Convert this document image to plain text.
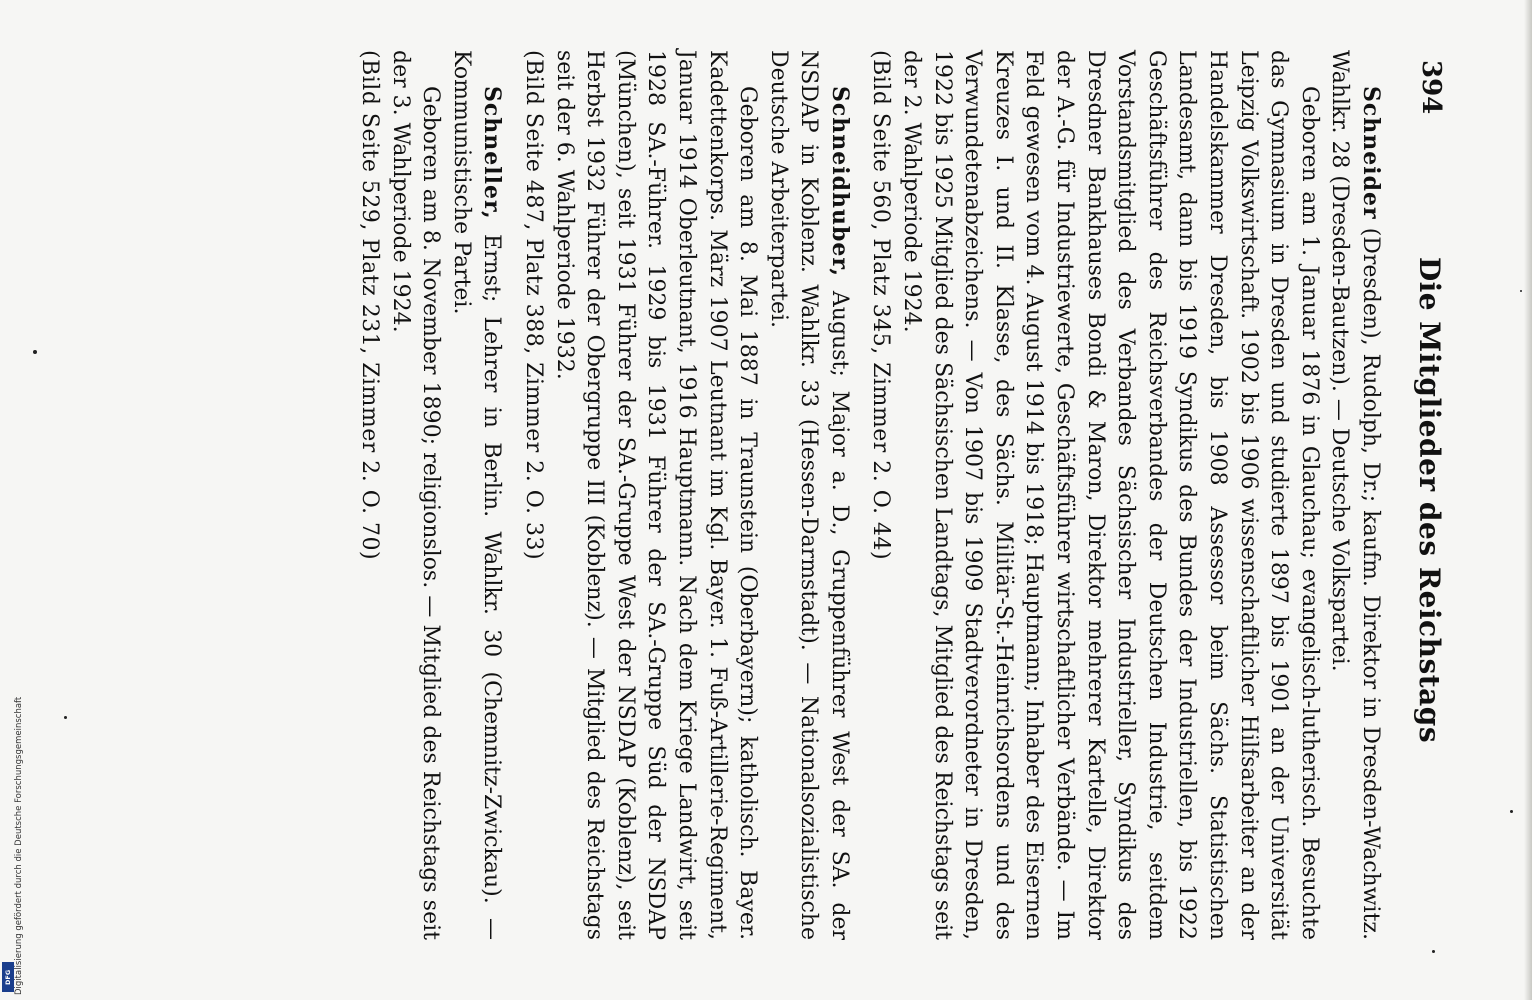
394
Die Mitglieder des Reichstags

Schneider (Dresden), Rudolph, Dr.; kaufm. Direktor in Dresden-Wachwitz. Wahlkr. 28 (Dresden-Bautzen). — Deutsche Volkspartei.

Geboren am 1. Januar 1876 in Glauchau; evangelisch-lutherisch. Besuchte das Gymnasium in Dresden und studierte 1897 bis 1901 an der Universität Leipzig Volkswirtschaft. 1902 bis 1906 wissenschaftlicher Hilfsarbeiter an der Handelskammer Dresden, bis 1908 Assessor beim Sächs. Statistischen Landesamt, dann bis 1919 Syndikus des Bundes der Industriellen, bis 1922 Geschäftsführer des Reichsverbandes der Deutschen Industrie, seitdem Vorstandsmitglied des Verbandes Sächsischer Industrieller, Syndikus des Dresdner Bankhauses Bondi & Maron, Direktor mehrerer Kartelle, Direktor der A.-G. für Industriewerte, Geschäftsführer wirtschaftlicher Verbände. — Im Feld gewesen vom 4. August 1914 bis 1918; Hauptmann; Inhaber des Eisernen Kreuzes I. und II. Klasse, des Sächs. Militär-St.-Heinrichsordens und des Verwundetenabzeichens. — Von 1907 bis 1909 Stadtverordneter in Dresden, 1922 bis 1925 Mitglied des Sächsischen Landtags, Mitglied des Reichstags seit der 2. Wahlperiode 1924.

(Bild Seite 560, Platz 345, Zimmer 2. O. 44)

Schneidhuber, August; Major a. D., Gruppenführer West der SA. der NSDAP in Koblenz. Wahlkr. 33 (Hessen-Darmstadt). — Nationalsozialistische Deutsche Arbeiterpartei.

Geboren am 8. Mai 1887 in Traunstein (Oberbayern); katholisch. Bayer. Kadettenkorps. März 1907 Leutnant im Kgl. Bayer. 1. Fuß-Artillerie-Regiment, Januar 1914 Oberleutnant, 1916 Hauptmann. Nach dem Kriege Landwirt, seit 1928 SA.-Führer. 1929 bis 1931 Führer der SA.-Gruppe Süd der NSDAP (München), seit 1931 Führer der SA.-Gruppe West der NSDAP (Koblenz), seit Herbst 1932 Führer der Obergruppe III (Koblenz). — Mitglied des Reichstags seit der 6. Wahlperiode 1932.

(Bild Seite 487, Platz 388, Zimmer 2. O. 33)

Schneller, Ernst; Lehrer in Berlin. Wahlkr. 30 (Chemnitz-Zwickau). — Kommunistische Partei.

Geboren am 8. November 1890; religionslos. — Mitglied des Reichstags seit der 3. Wahlperiode 1924.

(Bild Seite 529, Platz 231, Zimmer 2. O. 70)

Digitalisierung gefördert durch die Deutsche Forschungsgemeinschaft
DFG
